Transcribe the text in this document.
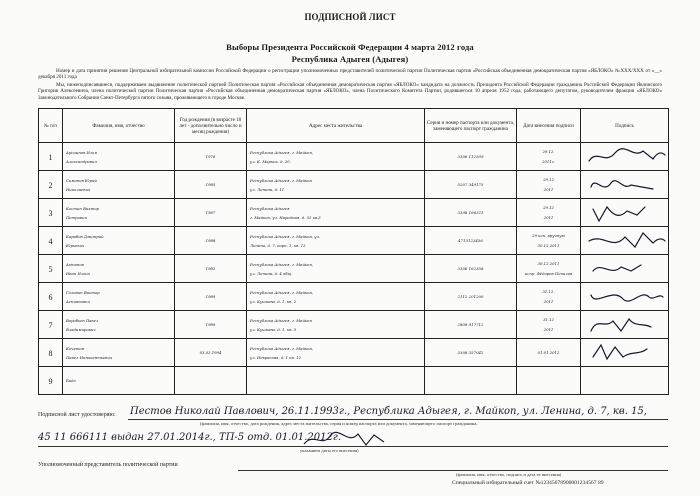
ПОДПИСНОЙ ЛИСТ
Выборы Президента Российской Федерации 4 марта 2012 года
Республика Адыгея (Адыгея)
Номер и дата принятия решения Центральной избирательной комиссии Российской Федерации о регистрации уполномоченных представителей политической партии Политическая партия «Российская объединенная демократическая партия «ЯБЛОКО» №ХХХ/ХХХ от «__» декабря 2011 года
Мы, нижеподписавшиеся, поддерживаем выдвижение политической партией Политическая партия «Российская объединенная демократическая партия «ЯБЛОКО» кандидата на должность Президента Российской Федерации гражданина Российской Федерации Явлинского Григория Алексеевича, члена политической партии Политическая партия «Российская объединенная демократическая партия «ЯБЛОКО», члена Политического Комитета Партии, родившегося 10 апреля 1952 года, работающего депутатом, руководителем фракции «ЯБЛОКО» Законодательного Собрания Санкт-Петербурга пятого созыва, проживающего в городе Москве.
№ п/п	Фамилия, имя, отчество	Год рождения (в возрасте 18 лет - дополнительно число и месяц рождения)	Адрес места жительства	Серия и номер паспорта или документа, заменяющего паспорт гражданина	Дата внесения подписи	Подпись
1	Арсиинов Илья
Александрович	1976	Республика Адыгея, г. Майкоп,
ул. К. Маркса, д. 20.	3306 112509	29.12.
2011г.

2	Симонов Юрий
Николаевич	1985	Республика Адыгея, г. Майкоп
ул. Ленина, д. 11	5207 349175	29.12
2011

3	Костин Виктор
Петрович	1967	Республика Адыгея
г. Майкоп, ул. Народная, д. 52 кв.3	3398 166321	29.12
2011

4	Карабов Дмитрий
Юрьевич	1988	Республика Адыгея, г. Майкоп, ул.
Ленина, д. 7, корп. 1, кв. 12	4713123456	29 исп. вручную
30.12.2011

5	Ахтанов
Иван Ильич	1982	Республика Адыгея, г. Майкоп,
ул. Ленина, д. 4 общ	3306 162358	30.12.2011
испр. Фёдоров Почилов

6	Головин Виктор
Аспианович	1989	Республика Адыгея, г. Майкоп,
ул. Кушкова, д. 1, кв. 2	2112 201200	31.12.
2011

7	Воробьев Павел
Владимирович	1989	Республика Адыгея, г. Майкоп
ул. Кушкова, д. 1, кв. 3	2808 917712	31.12
2011

8	Кочетов
Павел Иннокентьевич	03.03.1994	Республика Адыгея, г. Майкоп,
ул. Некрасова, д. 1 кв. 12	3308 357042	01.01.2012

9	Бадо					

Подписной лист удостоверяю: Пестов Николай Павлович, 26.11.1993г., Республика Адыгея, г. Майкоп, ул. Ленина, д. 7, кв. 15,
(фамилия, имя, отчество, дата рождения, адрес места жительства, серия и номер паспорта или документа, заменяющего паспорт гражданина,
45 11 666111 выдан 27.01.2014г., ТП-5 отд. 01.01.2012г.
указанием даты его внесения)
Уполномоченный представитель политической партии
(фамилия, имя, отчество, подпись и дата ее внесения)
Специальный избирательный счет №12345678900001234567 89
